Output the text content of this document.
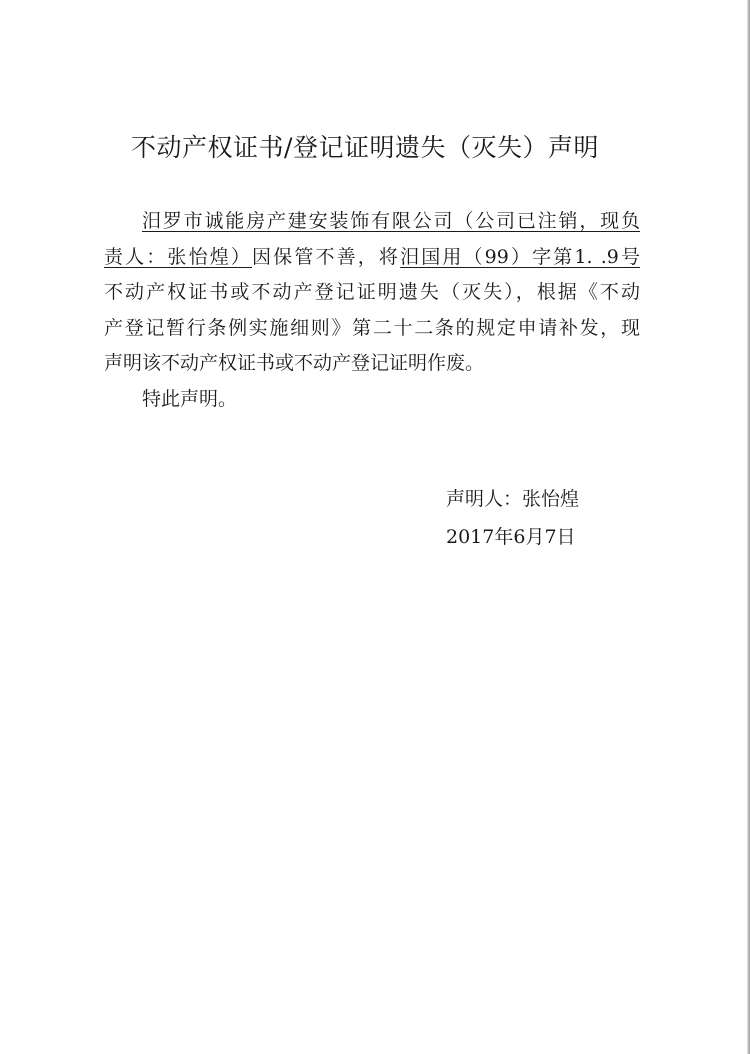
不动产权证书/登记证明遗失（灭失）声明
汨罗市诚能房产建安装饰有限公司（公司已注销，现负
责人：张怡煌）因保管不善，将汨国用（99）字第1. .9号
不动产权证书或不动产登记证明遗失（灭失），根据《不动
产登记暂行条例实施细则》第二十二条的规定申请补发，现
声明该不动产权证书或不动产登记证明作废。
特此声明。
声明人：张怡煌
2017年6月7日
